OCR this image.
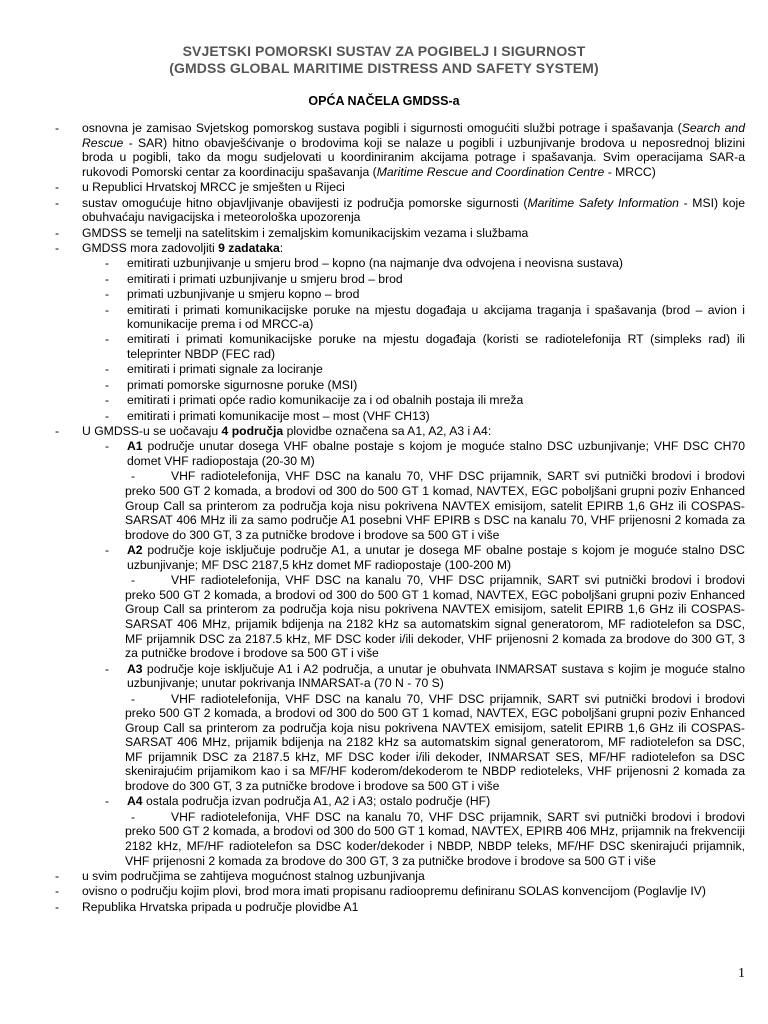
SVJETSKI POMORSKI SUSTAV ZA POGIBELJ I SIGURNOST
(GMDSS GLOBAL MARITIME DISTRESS AND SAFETY SYSTEM)
OPĆA NAČELA GMDSS-a
- osnovna je zamisao Svjetskog pomorskog sustava pogibli i sigurnosti omogućiti službi potrage i spašavanja (Search and Rescue - SAR) hitno obavješćivanje o brodovima koji se nalaze u pogibli i uzbunjivanje brodova u neposrednoj blizini broda u pogibli, tako da mogu sudjelovati u koordiniranim akcijama potrage i spašavanja. Svim operacijama SAR-a rukovodi Pomorski centar za koordinaciju spašavanja (Maritime Rescue and Coordination Centre - MRCC)
- u Republici Hrvatskoj MRCC je smješten u Rijeci
- sustav omogućuje hitno objavljivanje obavijesti iz područja pomorske sigurnosti (Maritime Safety Information - MSI) koje obuhvaćaju navigacijska i meteorološka upozorenja
- GMDSS se temelji na satelitskim i zemaljskim komunikacijskim vezama i službama
- GMDSS mora zadovoljiti 9 zadataka:
- emitirati uzbunjivanje u smjeru brod – kopno (na najmanje dva odvojena i neovisna sustava)
- emitirati i primati uzbunjivanje u smjeru brod – brod
- primati uzbunjivanje u smjeru kopno – brod
- emitirati i primati komunikacijske poruke na mjestu događaja u akcijama traganja i spašavanja (brod – avion i komunikacije prema i od MRCC-a)
- emitirati i primati komunikacijske poruke na mjestu događaja (koristi se radiotelefonija RT (simpleks rad) ili teleprinter NBDP (FEC rad)
- emitirati i primati signale za lociranje
- primati pomorske sigurnosne poruke (MSI)
- emitirati i primati opće radio komunikacije za i od obalnih postaja ili mreža
- emitirati i primati komunikacije most – most (VHF CH13)
- U GMDSS-u se uočavaju 4 područja plovidbe označena sa A1, A2, A3 i A4:
- A1 područje unutar dosega VHF obalne postaje s kojom je moguće stalno DSC uzbunjivanje; VHF DSC CH70 domet VHF radiopostaja (20-30 M)
-	VHF radiotelefonija, VHF DSC na kanalu 70, VHF DSC prijamnik, SART svi putnički brodovi i brodovi preko 500 GT 2 komada, a brodovi od 300 do 500 GT 1 komad, NAVTEX, EGC poboljšani grupni poziv Enhanced Group Call sa printerom za područja koja nisu pokrivena NAVTEX emisijom, satelit EPIRB 1,6 GHz ili COSPAS-SARSAT 406 MHz ili za samo područje A1 posebni VHF EPIRB s DSC na kanalu 70, VHF prijenosni 2 komada za brodove do 300 GT, 3 za putničke brodove i brodove sa 500 GT i više
- A2 područje koje isključuje područje A1, a unutar je dosega MF obalne postaje s kojom je moguće stalno DSC uzbunjivanje; MF DSC 2187,5 kHz domet MF radiopostaje (100-200 M)
-	VHF radiotelefonija, VHF DSC na kanalu 70, VHF DSC prijamnik, SART svi putnički brodovi i brodovi preko 500 GT 2 komada, a brodovi od 300 do 500 GT 1 komad, NAVTEX, EGC poboljšani grupni poziv Enhanced Group Call sa printerom za područja koja nisu pokrivena NAVTEX emisijom, satelit EPIRB 1,6 GHz ili COSPAS-SARSAT 406 MHz, prijamik bdijenja na 2182 kHz sa automatskim signal generatorom, MF radiotelefon sa DSC, MF prijamnik DSC za 2187.5 kHz, MF DSC koder i/ili dekoder, VHF prijenosni 2 komada za brodove do 300 GT, 3 za putničke brodove i brodove sa 500 GT i više
- A3 područje koje isključuje A1 i A2 područja, a unutar je obuhvata INMARSAT sustava s kojim je moguće stalno uzbunjivanje; unutar pokrivanja INMARSAT-a (70 N - 70 S)
-	VHF radiotelefonija, VHF DSC na kanalu 70, VHF DSC prijamnik, SART svi putnički brodovi i brodovi preko 500 GT 2 komada, a brodovi od 300 do 500 GT 1 komad, NAVTEX, EGC poboljšani grupni poziv Enhanced Group Call sa printerom za područja koja nisu pokrivena NAVTEX emisijom, satelit EPIRB 1,6 GHz ili COSPAS-SARSAT 406 MHz, prijamik bdijenja na 2182 kHz sa automatskim signal generatorom, MF radiotelefon sa DSC, MF prijamnik DSC za 2187.5 kHz, MF DSC koder i/ili dekoder, INMARSAT SES, MF/HF radiotelefon sa DSC skenirajućim prijamikom kao i sa MF/HF koderom/dekoderom te NBDP redioteleks, VHF prijenosni 2 komada za brodove do 300 GT, 3 za putničke brodove i brodove sa 500 GT i više
- A4 ostala područja izvan područja A1, A2 i A3; ostalo područje (HF)
-	VHF radiotelefonija, VHF DSC na kanalu 70, VHF DSC prijamnik, SART svi putnički brodovi i brodovi preko 500 GT 2 komada, a brodovi od 300 do 500 GT 1 komad, NAVTEX, EPIRB 406 MHz, prijamnik na frekvenciji 2182 kHz, MF/HF radiotelefon sa DSC koder/dekoder i NBDP, NBDP teleks, MF/HF DSC skenirajući prijamnik, VHF prijenosni 2 komada za brodove do 300 GT, 3 za putničke brodove i brodove sa 500 GT i više
- u svim područjima se zahtijeva mogućnost stalnog uzbunjivanja
- ovisno o području kojim plovi, brod mora imati propisanu radioopremu definiranu SOLAS konvencijom (Poglavlje IV)
- Republika Hrvatska pripada u područje plovidbe A1
1
